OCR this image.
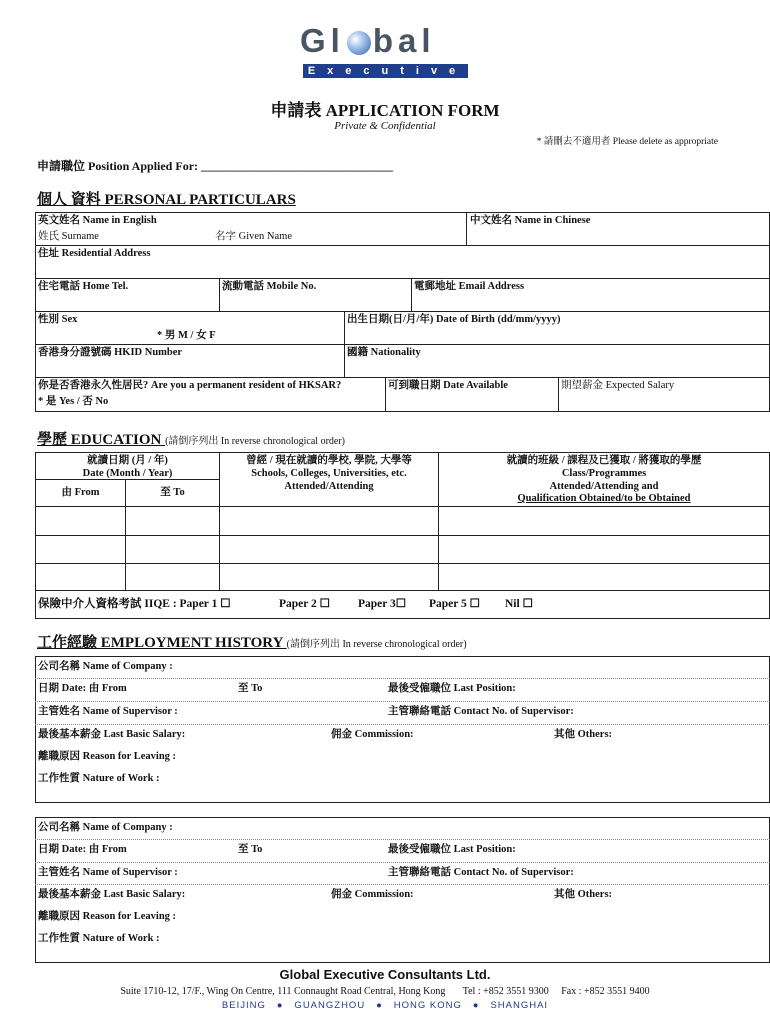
Gl bal
Executive
申請表 APPLICATION FORM
Private & Confidential
* 請刪去不適用者 Please delete as appropriate
申請職位 Position Applied For: ________________________________
個人 資料 PERSONAL PARTICULARS
英文姓名 Name in English
姓氏 Surname	名字 Given Name
中文姓名 Name in Chinese
住址 Residential Address
住宅電話 Home Tel.	流動電話 Mobile No.	電郵地址 Email Address
性別 Sex
* 男 M / 女 F
出生日期(日/月/年) Date of Birth (dd/mm/yyyy)
香港身分證號碼 HKID Number	國籍 Nationality
你是否香港永久性居民? Are you a permanent resident of HKSAR?
* 是 Yes / 否 No
可到職日期 Date Available	期望薪金 Expected Salary
學歷 EDUCATION (請倒序列出 In reverse chronological order)
就讀日期 (月 / 年)
Date (Month / Year)
由 From	至 To
曾經 / 現在就讀的學校, 學院, 大學等
Schools, Colleges, Universities, etc.
Attended/Attending
就讀的班級 / 課程及已獲取 / 將獲取的學歷
Class/Programmes
Attended/Attending and
Qualification Obtained/to be Obtained
保險中介人資格考試 IIQE : Paper 1 ☐	Paper 2 ☐ Paper 3☐ Paper 5 ☐ Nil ☐
工作經驗 EMPLOYMENT HISTORY (請倒序列出 In reverse chronological order)
公司名稱 Name of Company :
日期 Date: 由 From	至 To	最後受僱職位 Last Position:
主管姓名 Name of Supervisor :	主管聯絡電話 Contact No. of Supervisor:
最後基本薪金 Last Basic Salary:	佣金 Commission:	其他 Others:
離職原因 Reason for Leaving :
工作性質 Nature of Work :
公司名稱 Name of Company :
日期 Date: 由 From	至 To	最後受僱職位 Last Position:
主管姓名 Name of Supervisor :	主管聯絡電話 Contact No. of Supervisor:
最後基本薪金 Last Basic Salary:	佣金 Commission:	其他 Others:
離職原因 Reason for Leaving :
工作性質 Nature of Work :
Global Executive Consultants Ltd.
Suite 1710-12, 17/F., Wing On Centre, 111 Connaught Road Central, Hong Kong       Tel : +852 3551 9300     Fax : +852 3551 9400
BEIJING   ●   GUANGZHOU   ●   HONG KONG   ●   SHANGHAI
